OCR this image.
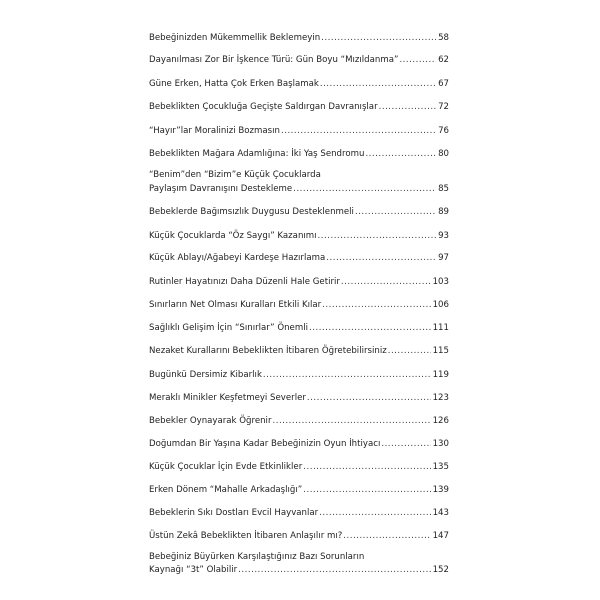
Bebeğinizden Mükemmellik Beklemeyin .....	58
Dayanılması Zor Bir İşkence Türü: Gün Boyu “Mızıldanma” .....	62
Güne Erken, Hatta Çok Erken Başlamak .....	67
Bebeklikten Çocukluğa Geçişte Saldırgan Davranışlar .....	72
“Hayır”lar Moralinizi Bozmasın .....	76
Bebeklikten Mağara Adamlığına: İki Yaş Sendromu .....	80
“Benim”den “Bizim”e Küçük Çocuklarda
Paylaşım Davranışını Destekleme .....	85
Bebeklerde Bağımsızlık Duygusu Desteklenmeli .....	89
Küçük Çocuklarda “Öz Saygı” Kazanımı .....	93
Küçük Ablayı/Ağabeyi Kardeşe Hazırlama .....	97
Rutinler Hayatınızı Daha Düzenli Hale Getirir .....	103
Sınırların Net Olması Kuralları Etkili Kılar .....	106
Sağlıklı Gelişim İçin “Sınırlar” Önemli .....	111
Nezaket Kurallarını Bebeklikten İtibaren Öğretebilirsiniz .....	115
Bugünkü Dersimiz Kibarlık .....	119
Meraklı Minikler Keşfetmeyi Severler .....	123
Bebekler Oynayarak Öğrenir .....	126
Doğumdan Bir Yaşına Kadar Bebeğinizin Oyun İhtiyacı .....	130
Küçük Çocuklar İçin Evde Etkinlikler .....	135
Erken Dönem “Mahalle Arkadaşlığı” .....	139
Bebeklerin Sıkı Dostları Evcil Hayvanlar .....	143
Üstün Zekâ Bebeklikten İtibaren Anlaşılır mı? .....	147
Bebeğiniz Büyürken Karşılaştığınız Bazı Sorunların
Kaynağı “3t” Olabilir .....	152
